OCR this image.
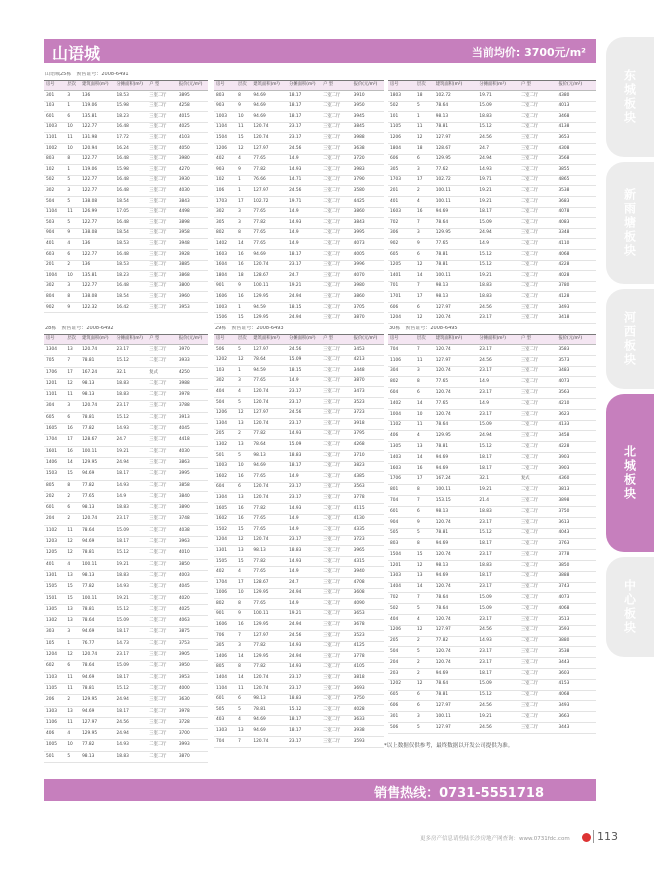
山语城	当前均价: 3700元/m²
东城板块
新雨塘板块
河西板块
北城板块
中心板块
山语城25栋　预售证号：2008-6491
房号	层次	建筑面积(m²)	分摊面积(m²)	户 型	报价(元/m²)
301	3	136	18.53	三室二厅	3895
103	1	119.06	15.98	三室二厅	4258
601	6	135.81	18.23	三室二厅	4015
1003	10	122.77	16.48	三室二厅	4025
1101	11	131.98	17.72	三室二厅	4103
1002	10	120.94	16.24	三室二厅	4050
803	8	122.77	16.48	三室二厅	3980
102	1	119.06	15.98	三室二厅	4270
502	5	122.77	16.48	三室二厅	3930
302	3	122.77	16.48	三室二厅	4030
504	5	138.08	18.54	三室二厅	3843
1104	11	126.99	17.05	三室二厅	4498
503	5	122.77	16.48	三室二厅	3898
904	9	138.08	18.54	三室二厅	3958
401	4	136	18.53	三室二厅	3948
603	6	122.77	16.48	三室二厅	3928
201	2	136	18.53	三室二厅	3885
1004	10	135.81	18.23	三室二厅	3868
302	3	122.77	16.48	三室二厅	3800
804	8	138.08	18.54	三室二厅	3960
902	9	122.32	16.42	三室二厅	3953
房号	层次	建筑面积(m²)	分摊面积(m²)	户 型	报价(元/m²)
803	8	94.69	18.17	二室二厅	3910
903	9	94.69	18.17	二室二厅	3950
1003	10	94.69	18.17	二室二厅	3945
1104	11	120.74	23.17	三室二厅	3845
1504	15	120.74	23.17	三室二厅	3988
1206	12	127.97	24.56	三室二厅	3638
402	4	77.65	14.9	二室二厅	3720
903	9	77.82	14.93	二室二厅	3983
102	1	76.66	14.71	二室二厅	3790
106	1	127.97	24.56	三室二厅	3580
1703	17	102.72	19.71	二室二厅	4425
302	3	77.65	14.9	二室二厅	3860
305	3	77.82	14.93	二室二厅	3843
802	8	77.65	14.9	二室二厅	3995
1402	14	77.65	14.9	二室二厅	4073
1603	16	94.69	18.17	二室二厅	4005
1604	16	120.74	23.17	三室二厅	3996
1804	18	128.67	24.7	三室二厅	4070
901	9	100.11	19.21	二室二厅	3980
1606	16	129.95	24.94	三室二厅	3860
1003	1	94.59	18.15	二室二厅	3705
1506	15	129.95	24.94	三室二厅	3870
房号	层次	建筑面积(m²)	分摊面积(m²)	户 型	报价(元/m²)
1803	18	102.72	19.71	二室二厅	4380
502	5	78.64	15.09	二室二厅	4013
101	1	98.13	18.83	二室二厅	3468
1105	11	78.81	15.12	二室二厅	4138
1206	12	127.97	24.56	三室二厅	3653
1804	18	128.67	24.7	三室二厅	4308
606	6	129.95	24.94	三室二厅	3568
305	3	77.62	14.93	二室二厅	3855
1703	17	102.72	19.71	二室二厅	4865
201	2	100.11	19.21	二室二厅	3538
401	4	100.11	19.21	二室二厅	3683
1603	16	94.69	18.17	二室二厅	4078
702	7	78.64	15.09	二室二厅	4083
306	3	129.95	24.94	三室二厅	3348
902	9	77.65	14.9	二室二厅	4110
605	6	78.81	15.12	二室二厅	4068
1205	12	78.81	15.12	二室二厅	4228
1401	14	100.11	19.21	二室二厅	4028
701	7	98.13	18.83	二室二厅	3780
1701	17	98.13	18.83	二室二厅	4128
606	6	127.97	24.56	三室二厅	3493
1204	12	120.74	23.17	三室二厅	3418
28栋　预售证号：2008-6492
房号	层次	建筑面积(m²)	分摊面积(m²)	户 型	报价(元/m²)
1304	13	120.74	23.17	三室二厅	3970
705	7	78.81	15.12	二室二厅	3933
1706	17	167.24	32.1	复式	4250
1201	12	98.13	18.83	二室二厅	3988
1101	11	98.13	18.83	二室二厅	3978
304	3	120.74	23.17	三室二厅	3788
605	6	78.81	15.12	二室二厅	3913
1605	16	77.82	14.93	二室二厅	4045
1704	17	128.67	24.7	三室二厅	4418
1601	16	100.11	19.21	二室二厅	4030
1406	14	129.95	24.94	三室二厅	3863
1503	15	94.69	18.17	二室二厅	3995
805	8	77.82	14.93	二室二厅	3858
202	2	77.65	14.9	二室二厅	3840
601	6	98.13	18.83	二室二厅	3890
204	2	120.74	23.17	三室二厅	3748
1102	11	78.64	15.09	二室二厅	4038
1203	12	94.69	18.17	二室二厅	3963
1205	12	78.81	15.12	二室二厅	4010
401	4	100.11	19.21	二室二厅	3850
1301	13	98.13	18.83	二室二厅	4003
1505	15	77.82	14.93	二室二厅	4045
1501	15	100.11	19.21	二室二厅	4020
1305	13	78.81	15.12	二室二厅	4025
1302	13	78.64	15.09	二室二厅	4063
303	3	94.69	18.17	二室二厅	3875
105	1	76.77	14.73	二室二厅	3753
1204	12	120.74	23.17	三室二厅	3905
602	6	78.64	15.09	二室二厅	3950
1103	11	94.69	18.17	二室二厅	3953
1105	11	78.81	15.12	二室二厅	4000
206	2	129.95	24.94	三室二厅	3630
1303	13	94.69	18.17	二室二厅	3978
1106	11	127.97	24.56	三室二厅	3728
406	4	129.95	24.94	三室二厅	3700
1005	10	77.82	14.93	二室二厅	3993
501	5	98.13	18.83	二室二厅	3870
29栋　预售证号：2008-6493
房号	层次	建筑面积(m²)	分摊面积(m²)	户 型	报价(元/m²)
506	5	127.97	24.56	三室二厅	3453
1202	12	78.64	15.09	二室二厅	4213
103	1	94.59	18.15	二室二厅	3448
302	3	77.65	14.9	二室二厅	3870
404	4	120.74	23.17	三室二厅	3473
504	5	120.74	23.17	三室二厅	3523
1206	12	127.97	24.56	三室二厅	3723
1304	13	120.74	23.17	三室二厅	3918
205	2	77.82	14.93	二室二厅	3795
1302	13	78.64	15.09	二室二厅	4268
501	5	98.13	18.83	二室二厅	3710
1003	10	94.69	18.17	二室二厅	3823
1602	16	77.65	14.9	二室二厅	4385
604	6	120.74	23.17	三室二厅	3563
1304	13	120.74	23.17	三室二厅	3778
1605	16	77.82	14.93	二室二厅	4115
1602	16	77.65	14.9	二室二厅	4130
1502	15	77.65	14.9	二室二厅	4335
1204	12	120.74	23.17	三室二厅	3723
1301	13	98.13	18.83	二室二厅	3965
1505	15	77.82	14.93	二室二厅	4315
402	4	77.65	14.9	二室二厅	3940
1704	17	128.67	24.7	三室二厅	4708
1006	10	129.95	24.94	三室二厅	3608
802	8	77.65	14.9	二室二厅	4090
901	9	100.11	19.21	二室二厅	3653
1606	16	129.95	24.94	三室二厅	3678
706	7	127.97	24.56	三室二厅	3523
305	3	77.82	14.93	二室二厅	4125
1406	14	129.95	24.94	三室二厅	3778
805	8	77.82	14.93	二室二厅	4105
1404	14	120.74	23.17	三室二厅	3818
1104	11	120.74	23.17	三室二厅	3693
601	6	98.13	18.83	二室二厅	3750
505	5	78.81	15.12	二室二厅	4028
403	4	94.69	18.17	二室二厅	3633
1303	13	94.69	18.17	二室二厅	3938
704	7	120.74	23.17	三室二厅	3593
30栋　预售证号：2008-6495
房号	层次	建筑面积(m²)	分摊面积(m²)	户 型	报价(元/m²)
704	7	120.74	23.17	三室二厅	3583
1106	11	127.97	24.56	三室二厅	3573
304	3	120.74	23.17	三室二厅	3483
802	8	77.65	14.9	二室二厅	4073
604	6	120.74	23.17	三室二厅	3563
1402	14	77.65	14.9	二室二厅	4210
1004	10	120.74	23.17	三室二厅	3623
1102	11	78.64	15.09	二室二厅	4133
406	4	129.95	24.94	三室二厅	3458
1305	13	78.81	15.12	二室二厅	4228
1403	14	94.69	18.17	二室二厅	3903
1603	16	94.69	18.17	二室二厅	3903
1706	17	167.24	32.1	复式	4360
801	8	100.11	19.21	二室二厅	3813
704	7	153.15	21.4	三室二厅	3898
601	6	98.13	18.83	二室二厅	3750
904	9	120.74	23.17	三室二厅	3613
505	5	78.81	15.12	二室二厅	4043
803	8	94.69	18.17	二室二厅	3763
1504	15	120.74	23.17	三室二厅	3778
1201	12	98.13	18.83	二室二厅	3850
1303	13	94.69	18.17	二室二厅	3888
1404	14	120.74	23.17	三室二厅	3743
702	7	78.64	15.09	二室二厅	4073
502	5	78.64	15.09	二室二厅	4068
404	4	120.74	23.17	三室二厅	3513
1206	12	127.97	24.56	三室二厅	3593
205	2	77.82	14.93	二室二厅	3880
504	5	120.74	23.17	三室二厅	3538
204	2	120.74	23.17	三室二厅	3443
203	2	94.69	18.17	二室二厅	3603
1202	12	78.64	15.09	二室二厅	4153
605	6	78.81	15.12	二室二厅	4068
606	6	127.97	24.56	三室二厅	3493
301	3	100.11	19.21	二室二厅	3663
506	5	127.97	24.56	三室二厅	3443
*以上数据仅供参考，最终数据以开发公司提供为准。
销售热线：0731-5551718
更多房产信息请登陆长沙房地产网查询：www.0731fdc.com	113
